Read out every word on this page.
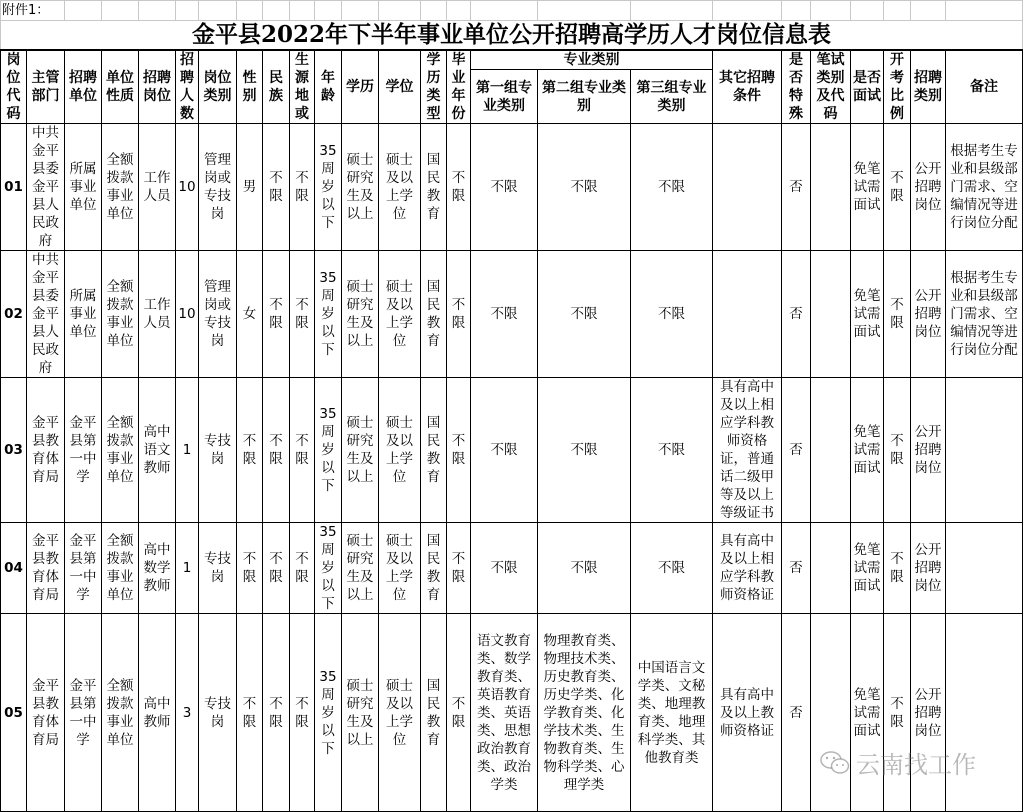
附件1：																								
金平县2022年下半年事业单位公开招聘高学历人才岗位信息表																								
岗位代码	主管部门	招聘单位	单位性质	招聘岗位	招聘人数	岗位类别	性别	民族	生源地或	年龄	学历	学位	学历类型	毕业年份	专业类别			其它招聘条件	是否特殊	笔试类别及代码	是否面试	开考比例	招聘类别	备注
															第一组专业类别	第二组专业类别	第三组专业类别							
01	中共金平县委金平县人民政府	所属事业单位	全额拨款事业单位	工作人员	10	管理岗或专技岗	男	不限	不限	35周岁以下	硕士研究生及以上	硕士及以上学位	国民教育	不限	不限	不限	不限		否		免笔试需面试	不限	公开招聘岗位	根据考生专业和县级部门需求、空编情况等进行岗位分配
02	中共金平县委金平县人民政府	所属事业单位	全额拨款事业单位	工作人员	10	管理岗或专技岗	女	不限	不限	35周岁以下	硕士研究生及以上	硕士及以上学位	国民教育	不限	不限	不限	不限		否		免笔试需面试	不限	公开招聘岗位	根据考生专业和县级部门需求、空编情况等进行岗位分配
03	金平县教育体育局	金平县第一中学	全额拨款事业单位	高中语文教师	1	专技岗	不限	不限	不限	35周岁以下	硕士研究生及以上	硕士及以上学位	国民教育	不限	不限	不限	不限	具有高中及以上相应学科教师资格证，普通话二级甲等及以上等级证书	否		免笔试需面试	不限	公开招聘岗位	
04	金平县教育体育局	金平县第一中学	全额拨款事业单位	高中数学教师	1	专技岗	不限	不限	不限	35周岁以下	硕士研究生及以上	硕士及以上学位	国民教育	不限	不限	不限	不限	具有高中及以上相应学科教师资格证	否		免笔试需面试	不限	公开招聘岗位	
05	金平县教育体育局	金平县第一中学	全额拨款事业单位	高中教师	3	专技岗	不限	不限	不限	35周岁以下	硕士研究生及以上	硕士及以上学位	国民教育	不限	语文教育类、数学教育类、英语教育类、英语类、思想政治教育类、政治学类	物理教育类、物理技术类、历史教育类、历史学类、化学教育类、化学技术类、生物教育类、生物科学类、心理学类	中国语言文学类、文秘类、地理教育类、地理科学类、其他教育类	具有高中及以上教师资格证	否		免笔试需面试	不限	公开招聘岗位	
云南找工作
